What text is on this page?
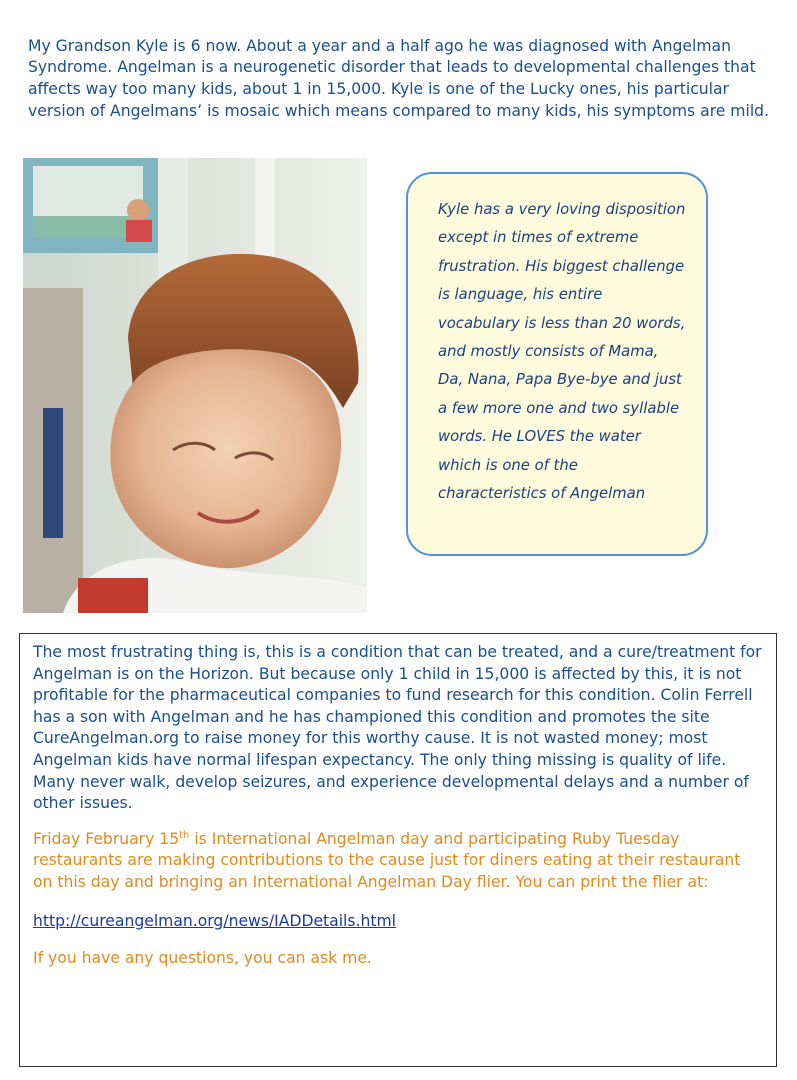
My Grandson Kyle is 6 now. About a year and a half ago he was diagnosed with Angelman Syndrome. Angelman is a neurogenetic disorder that leads to developmental challenges that affects way too many kids, about 1 in 15,000. Kyle is one of the Lucky ones, his particular version of Angelmans’ is mosaic which means compared to many kids, his symptoms are mild.

Kyle has a very loving disposition except in times of extreme frustration. His biggest challenge is language, his entire vocabulary is less than 20 words, and mostly consists of Mama, Da, Nana, Papa Bye-bye and just a few more one and two syllable words. He LOVES the water which is one of the characteristics of Angelman

The most frustrating thing is, this is a condition that can be treated, and a cure/treatment for Angelman is on the Horizon. But because only 1 child in 15,000 is affected by this, it is not profitable for the pharmaceutical companies to fund research for this condition. Colin Ferrell has a son with Angelman and he has championed this condition and promotes the site CureAngelman.org to raise money for this worthy cause. It is not wasted money; most Angelman kids have normal lifespan expectancy. The only thing missing is quality of life. Many never walk, develop seizures, and experience developmental delays and a number of other issues.

Friday February 15th is International Angelman day and participating Ruby Tuesday restaurants are making contributions to the cause just for diners eating at their restaurant on this day and bringing an International Angelman Day flier. You can print the flier at:

http://cureangelman.org/news/IADDetails.html

If you have any questions, you can ask me.
